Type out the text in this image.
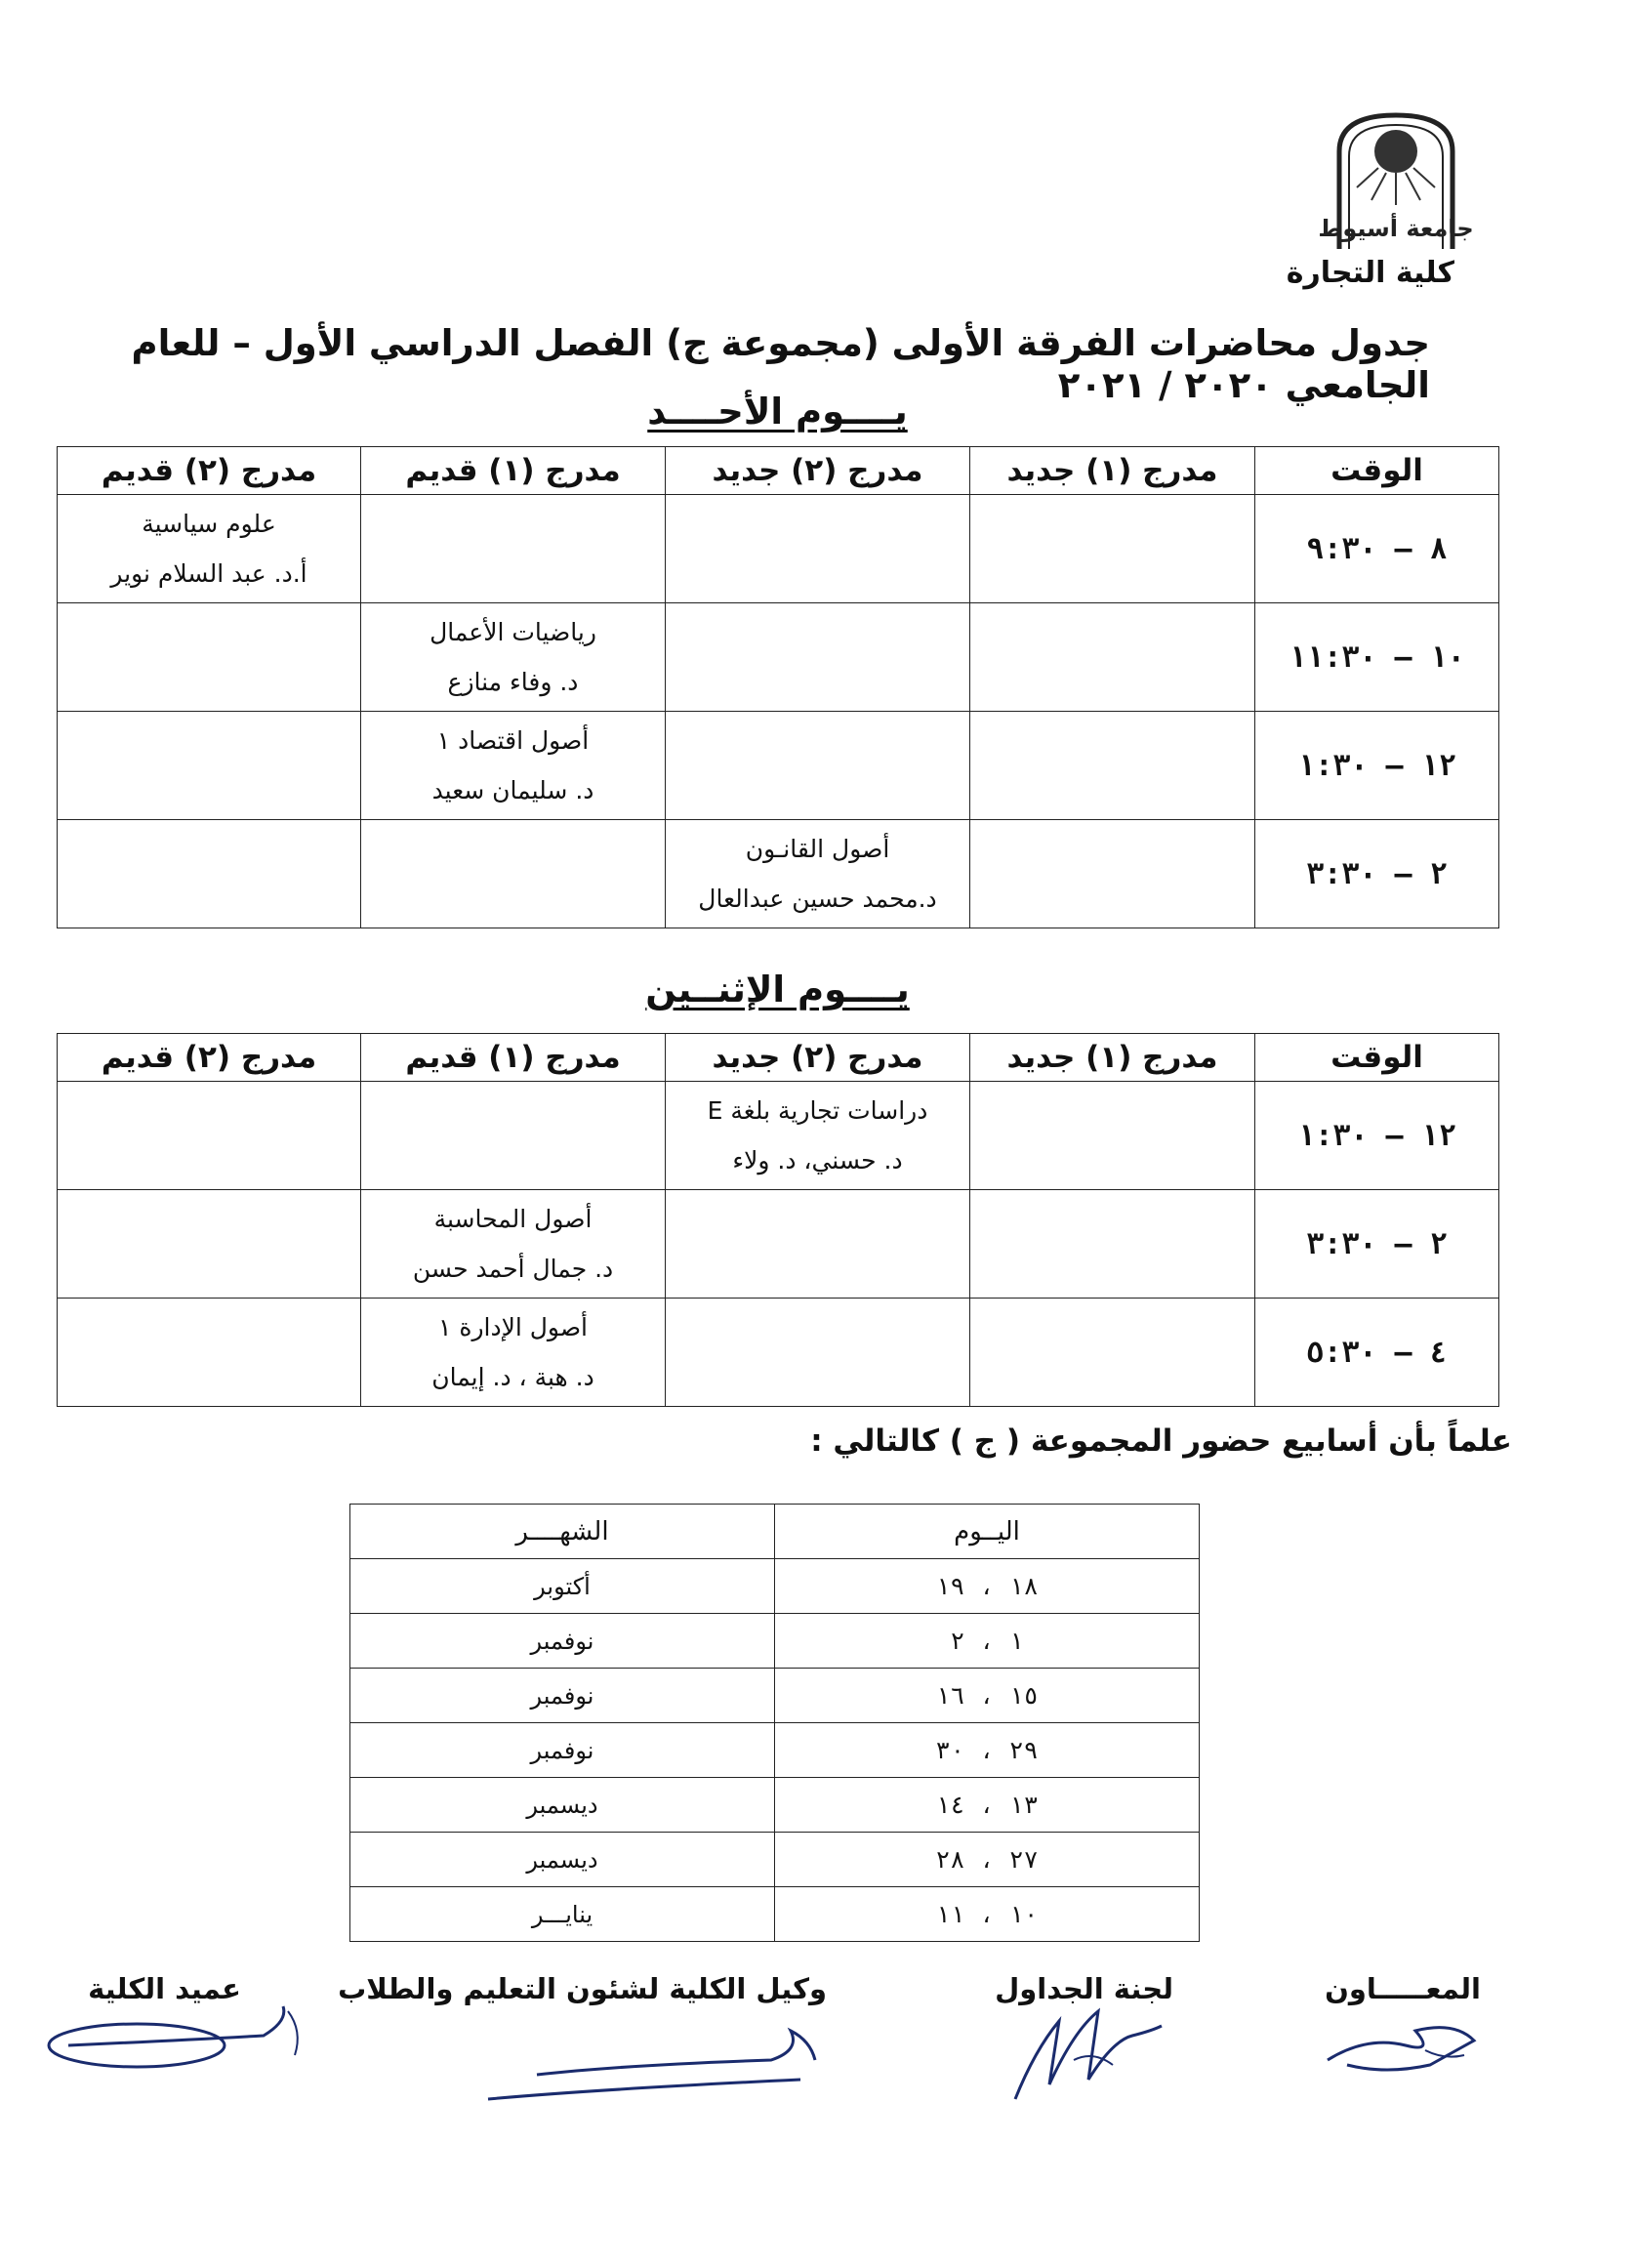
جامعة أسيوط
كلية التجارة
جدول محاضرات الفرقة الأولى (مجموعة ج) الفصل الدراسي الأول – للعام الجامعي ٢٠٢٠ / ٢٠٢١
يــــوم الأحــــد
الوقت	مدرج (١) جديد	مدرج (٢) جديد	مدرج (١) قديم	مدرج (٢) قديم
٨ – ٩:٣٠				علوم سياسية
أ.د. عبد السلام نوير

١٠ – ١١:٣٠			رياضيات الأعمال
د. وفاء منازع	

١٢ – ١:٣٠			أصول اقتصاد ١
د. سليمان سعيد	

٢ – ٣:٣٠		أصول القانـون
د.محمد حسين عبدالعال		

يــــوم الإثنــين
الوقت	مدرج (١) جديد	مدرج (٢) جديد	مدرج (١) قديم	مدرج (٢) قديم
١٢ – ١:٣٠		دراسات تجارية بلغة E
د. حسني، د. ولاء		

٢ – ٣:٣٠			أصول المحاسبة
د. جمال أحمد حسن	

٤ – ٥:٣٠			أصول الإدارة ١
د. هبة ، د. إيمان	

علماً بأن أسابيع حضور المجموعة ( ج ) كالتالي :
اليــوم	الشهــــر
١٨ ، ١٩	أكتوبر
١ ، ٢	نوفمبر
١٥ ، ١٦	نوفمبر
٢٩ ، ٣٠	نوفمبر
١٣ ، ١٤	ديسمبر
٢٧ ، ٢٨	ديسمبر
١٠ ، ١١	ينايـــر
المعـــــاون
لجنة الجداول
وكيل الكلية لشئون التعليم والطلاب
عميد الكلية
